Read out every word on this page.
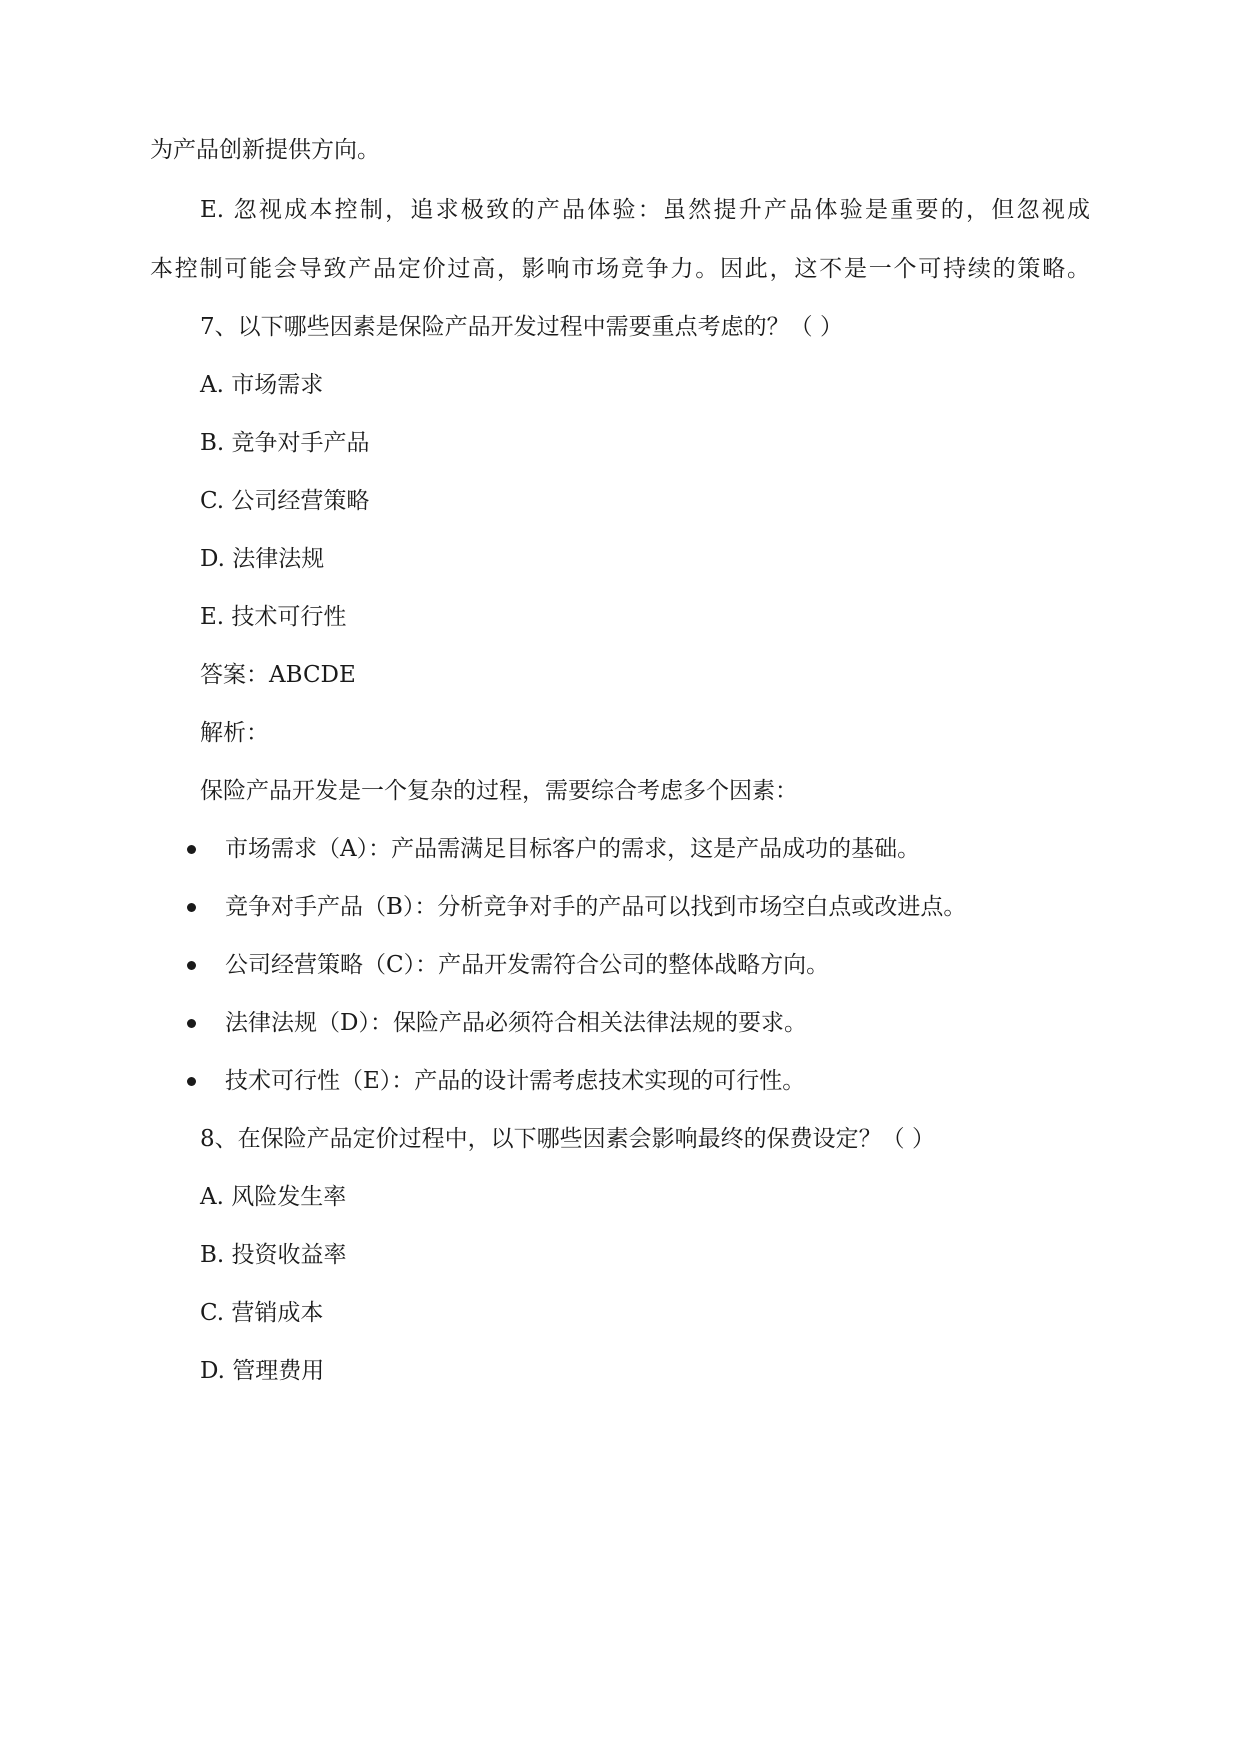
为产品创新提供方向。

E. 忽视成本控制，追求极致的产品体验：虽然提升产品体验是重要的，但忽视成

本控制可能会导致产品定价过高，影响市场竞争力。因此，这不是一个可持续的策略。

7、以下哪些因素是保险产品开发过程中需要重点考虑的？（ ）

A. 市场需求

B. 竞争对手产品

C. 公司经营策略

D. 法律法规

E. 技术可行性

答案：ABCDE

解析：

保险产品开发是一个复杂的过程，需要综合考虑多个因素：

市场需求（A）：产品需满足目标客户的需求，这是产品成功的基础。
竞争对手产品（B）：分析竞争对手的产品可以找到市场空白点或改进点。
公司经营策略（C）：产品开发需符合公司的整体战略方向。
法律法规（D）：保险产品必须符合相关法律法规的要求。
技术可行性（E）：产品的设计需考虑技术实现的可行性。

8、在保险产品定价过程中，以下哪些因素会影响最终的保费设定？（ ）

A. 风险发生率

B. 投资收益率

C. 营销成本

D. 管理费用
